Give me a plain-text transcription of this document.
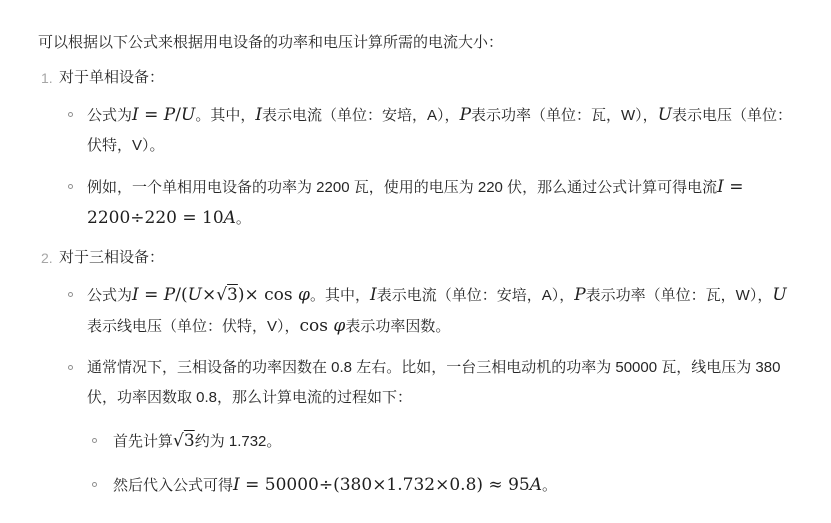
可以根据以下公式来根据用电设备的功率和电压计算所需的电流大小：

1. 对于单相设备：
公式为I = P/U。其中，I表示电流（单位：安培，A），P表示功率（单位：瓦，W），U表示电压（单位：伏特，V）。
例如，一个单相用电设备的功率为 2200 瓦，使用的电压为 220 伏，那么通过公式计算可得电流I = 2200÷220 = 10A。
2. 对于三相设备：
公式为I = P/(U×√3)× cos φ。其中，I表示电流（单位：安培，A），P表示功率（单位：瓦，W），U表示线电压（单位：伏特，V），cos φ表示功率因数。
通常情况下，三相设备的功率因数在 0.8 左右。比如，一台三相电动机的功率为 50000 瓦，线电压为 380 伏，功率因数取 0.8，那么计算电流的过程如下：
首先计算√3约为 1.732。
然后代入公式可得I = 50000÷(380×1.732×0.8) ≈ 95A。
